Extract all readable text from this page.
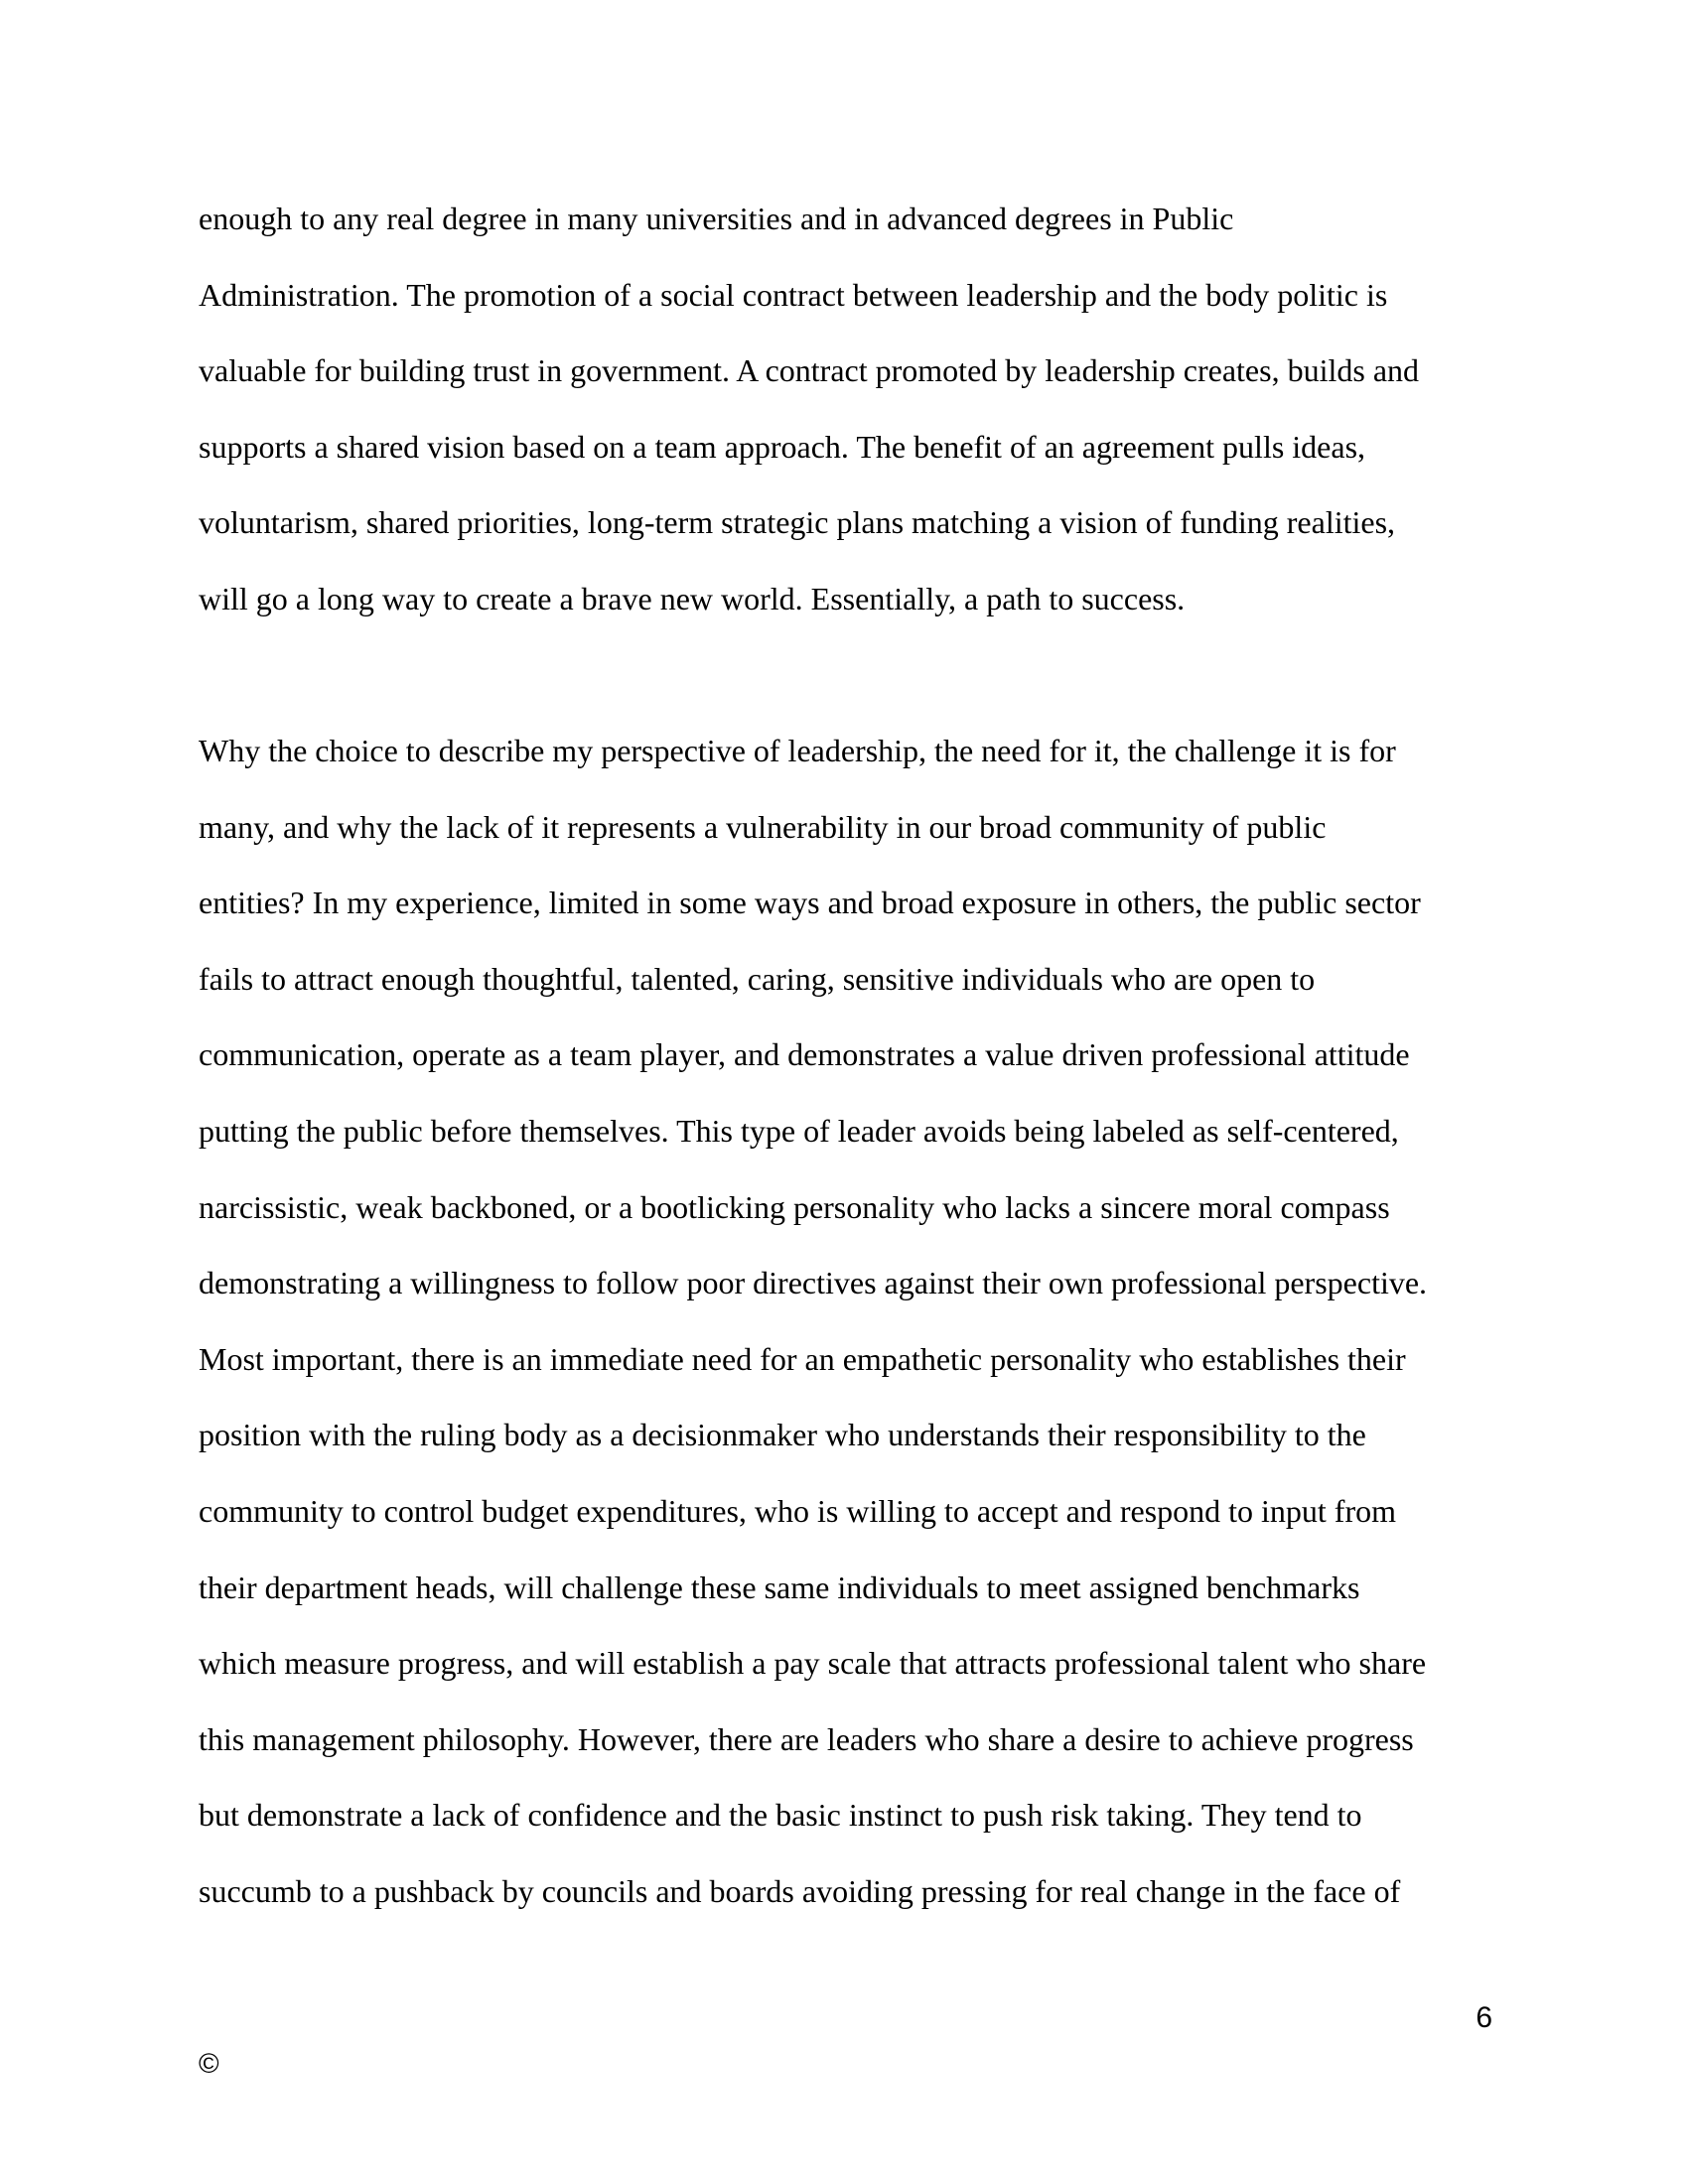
enough to any real degree in many universities and in advanced degrees in Public
Administration. The promotion of a social contract between leadership and the body politic is
valuable for building trust in government. A contract promoted by leadership creates, builds and
supports a shared vision based on a team approach. The benefit of an agreement pulls ideas,
voluntarism, shared priorities, long-term strategic plans matching a vision of funding realities,
will go a long way to create a brave new world. Essentially, a path to success.
Why the choice to describe my perspective of leadership, the need for it, the challenge it is for
many, and why the lack of it represents a vulnerability in our broad community of public
entities? In my experience, limited in some ways and broad exposure in others, the public sector
fails to attract enough thoughtful, talented, caring, sensitive individuals who are open to
communication, operate as a team player, and demonstrates a value driven professional attitude
putting the public before themselves. This type of leader avoids being labeled as self-centered,
narcissistic, weak backboned, or a bootlicking personality who lacks a sincere moral compass
demonstrating a willingness to follow poor directives against their own professional perspective.
Most important, there is an immediate need for an empathetic personality who establishes their
position with the ruling body as a decisionmaker who understands their responsibility to the
community to control budget expenditures, who is willing to accept and respond to input from
their department heads, will challenge these same individuals to meet assigned benchmarks
which measure progress, and will establish a pay scale that attracts professional talent who share
this management philosophy. However, there are leaders who share a desire to achieve progress
but demonstrate a lack of confidence and the basic instinct to push risk taking. They tend to
succumb to a pushback by councils and boards avoiding pressing for real change in the face of
6
©
